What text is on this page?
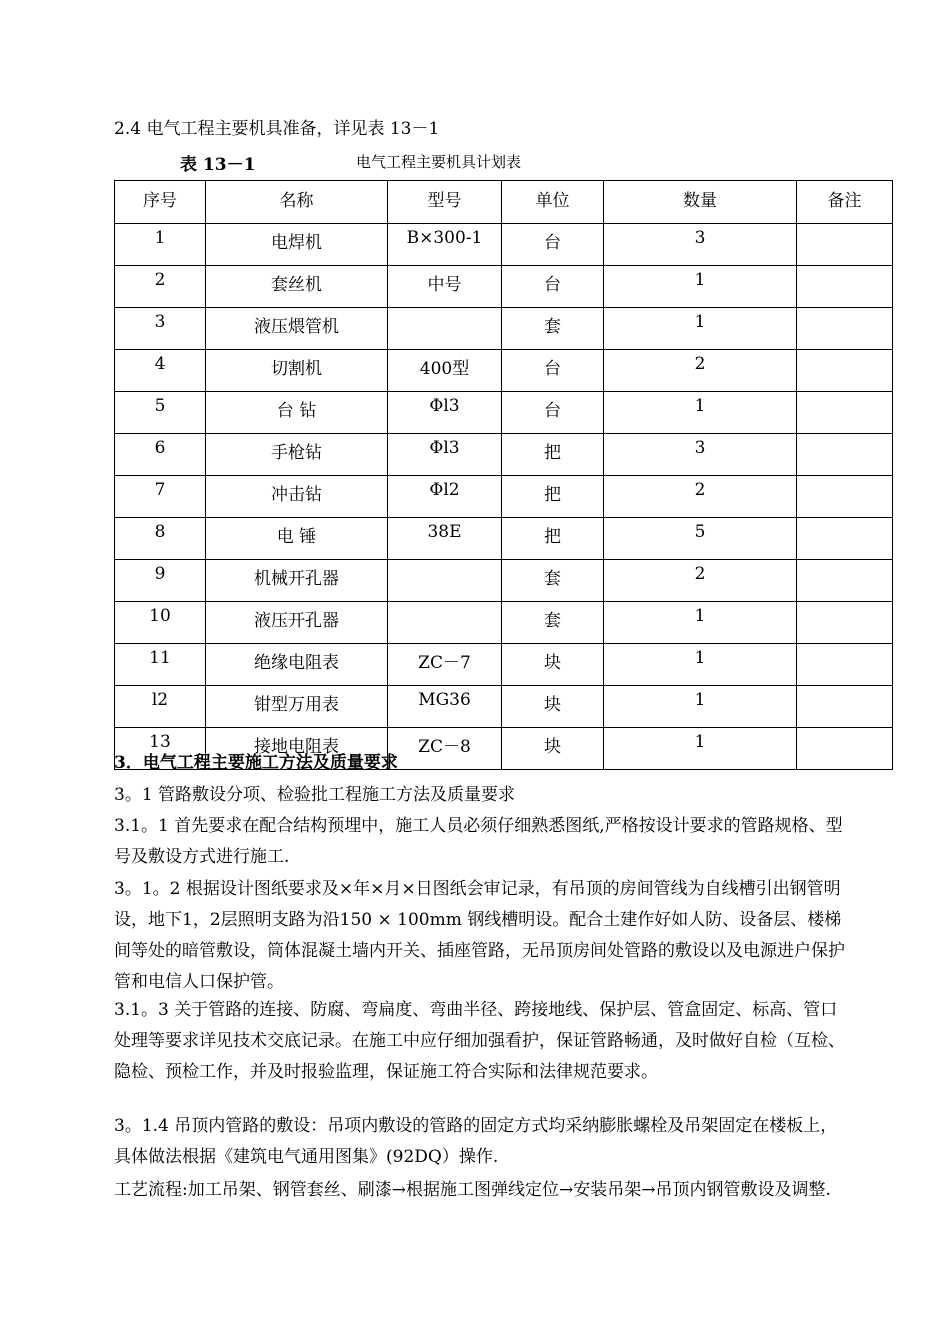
2.4 电气工程主要机具准备，详见表 13－1
表 13－1	电气工程主要机具计划表
序号	名称	型号	单位	数量	备注
1	电焊机	B×300-1	台	3	
2	套丝机	中号	台	1	
3	液压煨管机		套	1	
4	切割机	400型	台	2	
5	台 钻	Φl3	台	1	
6	手枪钻	Φl3	把	3	
7	冲击钻	Φl2	把	2	
8	电 锤	38E	把	5	
9	机械开孔器		套	2	
10	液压开孔器		套	1	
11	绝缘电阻表	ZC－7	块	1	
l2	钳型万用表	MG36	块	1	
13	接地电阻表	ZC－8	块	1	
3．电气工程主要施工方法及质量要求
3。1 管路敷设分项、检验批工程施工方法及质量要求
3.1。1 首先要求在配合结构预埋中，施工人员必须仔细熟悉图纸,严格按设计要求的管路规格、型号及敷设方式进行施工.
3。1。2 根据设计图纸要求及×年×月×日图纸会审记录，有吊顶的房间管线为自线槽引出钢管明设，地下1，2层照明支路为沿150 × 100mm 钢线槽明设。配合土建作好如人防、设备层、楼梯间等处的暗管敷设，筒体混凝土墙内开关、插座管路，无吊顶房间处管路的敷设以及电源进户保护管和电信人口保护管。
3.1。3 关于管路的连接、防腐、弯扁度、弯曲半径、跨接地线、保护层、管盒固定、标高、管口处理等要求详见技术交底记录。在施工中应仔细加强看护，保证管路畅通，及时做好自检（互检、隐检、预检工作，并及时报验监理，保证施工符合实际和法律规范要求。
3。1.4 吊顶内管路的敷设：吊项内敷设的管路的固定方式均采纳膨胀螺栓及吊架固定在楼板上，具体做法根据《建筑电气通用图集》(92DQ）操作.
工艺流程:加工吊架、钢管套丝、刷漆→根据施工图弹线定位→安装吊架→吊顶内钢管敷设及调整.
